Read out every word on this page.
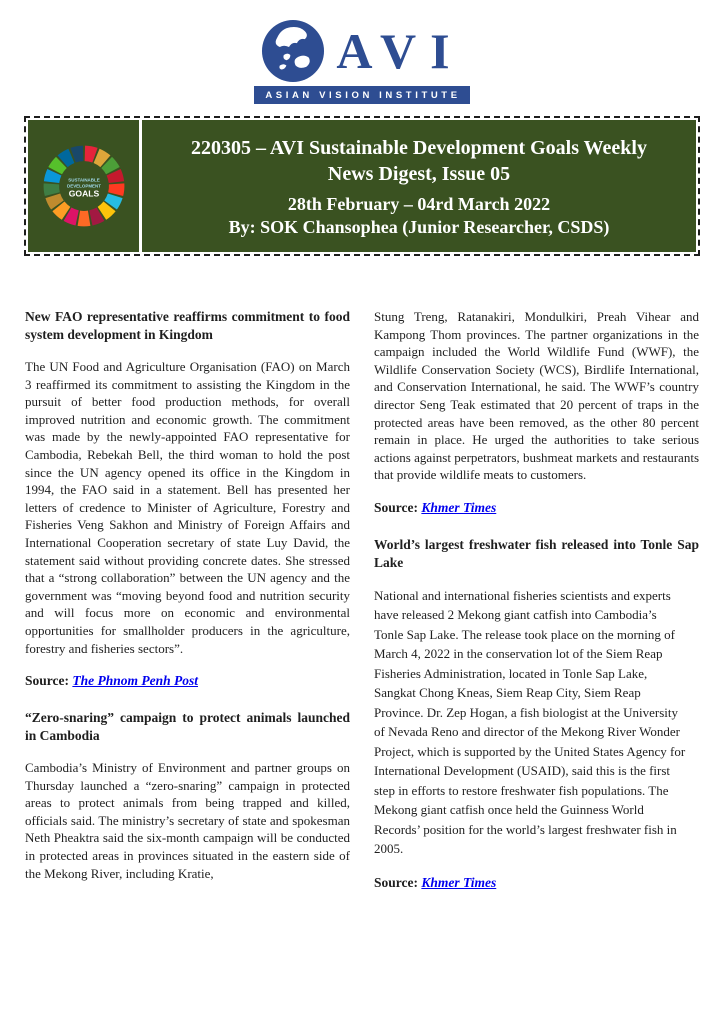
AVI
ASIAN VISION INSTITUTE
SUSTAINABLE
DEVELOPMENT
GOALS
220305 – AVI Sustainable Development Goals Weekly
News Digest, Issue 05
28th February – 04rd March 2022
By: SOK Chansophea (Junior Researcher, CSDS)
New FAO representative reaffirms commitment to food system development in Kingdom

The UN Food and Agriculture Organisation (FAO) on March 3 reaffirmed its commitment to assisting the Kingdom in the pursuit of better food production methods, for overall improved nutrition and economic growth. The commitment was made by the newly-appointed FAO representative for Cambodia, Rebekah Bell, the third woman to hold the post since the UN agency opened its office in the Kingdom in 1994, the FAO said in a statement. Bell has presented her letters of credence to Minister of Agriculture, Forestry and Fisheries Veng Sakhon and Ministry of Foreign Affairs and International Cooperation secretary of state Luy David, the statement said without providing concrete dates. She stressed that a “strong collaboration” between the UN agency and the government was “moving beyond food and nutrition security and will focus more on economic and environmental opportunities for smallholder producers in the agriculture, forestry and fisheries sectors”.

Source: The Phnom Penh Post

“Zero-snaring” campaign to protect animals launched in Cambodia

Cambodia’s Ministry of Environment and partner groups on Thursday launched a “zero-snaring” campaign in protected areas to protect animals from being trapped and killed, officials said. The ministry’s secretary of state and spokesman Neth Pheaktra said the six-month campaign will be conducted in protected areas in provinces situated in the eastern side of the Mekong River, including Kratie,

Stung Treng, Ratanakiri, Mondulkiri, Preah Vihear and Kampong Thom provinces. The partner organizations in the campaign included the World Wildlife Fund (WWF), the Wildlife Conservation Society (WCS), Birdlife International, and Conservation International, he said. The WWF’s country director Seng Teak estimated that 20 percent of traps in the protected areas have been removed, as the other 80 percent remain in place. He urged the authorities to take serious actions against perpetrators, bushmeat markets and restaurants that provide wildlife meats to customers.

Source: Khmer Times

World’s largest freshwater fish released into Tonle Sap Lake

National and international fisheries scientists and experts have released 2 Mekong giant catfish into Cambodia’s Tonle Sap Lake. The release took place on the morning of March 4, 2022 in the conservation lot of the Siem Reap Fisheries Administration, located in Tonle Sap Lake, Sangkat Chong Kneas, Siem Reap City, Siem Reap Province. Dr. Zep Hogan, a fish biologist at the University of Nevada Reno and director of the Mekong River Wonder Project, which is supported by the United States Agency for International Development (USAID), said this is the first step in efforts to restore freshwater fish populations. The Mekong giant catfish once held the Guinness World Records’ position for the world’s largest freshwater fish in 2005.

Source: Khmer Times
